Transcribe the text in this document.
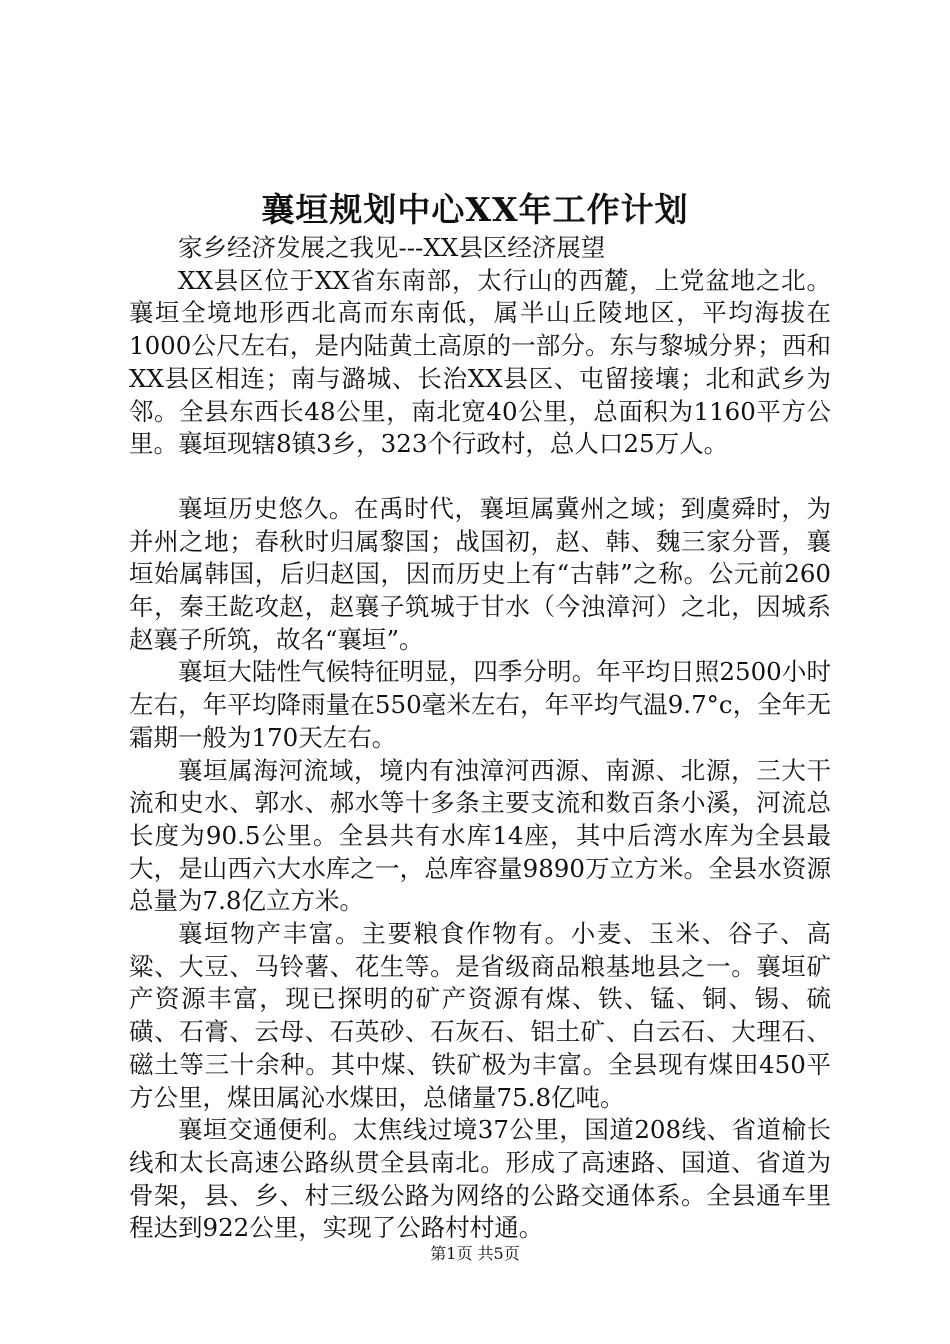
襄垣规划中心XX年工作计划

家乡经济发展之我见---XX县区经济展望

XX县区位于XX省东南部，太行山的西麓，上党盆地之北。襄垣全境地形西北高而东南低，属半山丘陵地区，平均海拔在1000公尺左右，是内陆黄土高原的一部分。东与黎城分界；西和XX县区相连；南与潞城、长治XX县区、屯留接壤；北和武乡为邻。全县东西长48公里，南北宽40公里，总面积为1160平方公里。襄垣现辖8镇3乡，323个行政村，总人口25万人。

襄垣历史悠久。在禹时代，襄垣属冀州之域；到虞舜时，为并州之地；春秋时归属黎国；战国初，赵、韩、魏三家分晋，襄垣始属韩国，后归赵国，因而历史上有“古韩”之称。公元前260年，秦王龁攻赵，赵襄子筑城于甘水（今浊漳河）之北，因城系赵襄子所筑，故名“襄垣”。

襄垣大陆性气候特征明显，四季分明。年平均日照2500小时左右，年平均降雨量在550毫米左右，年平均气温9.7°c，全年无霜期一般为170天左右。

襄垣属海河流域，境内有浊漳河西源、南源、北源，三大干流和史水、郭水、郝水等十多条主要支流和数百条小溪，河流总长度为90.5公里。全县共有水库14座，其中后湾水库为全县最大，是山西六大水库之一，总库容量9890万立方米。全县水资源总量为7.8亿立方米。

襄垣物产丰富。主要粮食作物有。小麦、玉米、谷子、高粱、大豆、马铃薯、花生等。是省级商品粮基地县之一。襄垣矿产资源丰富，现已探明的矿产资源有煤、铁、锰、铜、锡、硫磺、石膏、云母、石英砂、石灰石、铝土矿、白云石、大理石、磁土等三十余种。其中煤、铁矿极为丰富。全县现有煤田450平方公里，煤田属沁水煤田，总储量75.8亿吨。

襄垣交通便利。太焦线过境37公里，国道208线、省道榆长线和太长高速公路纵贯全县南北。形成了高速路、国道、省道为骨架，县、乡、村三级公路为网络的公路交通体系。全县通车里程达到922公里，实现了公路村村通。

第1页 共5页
